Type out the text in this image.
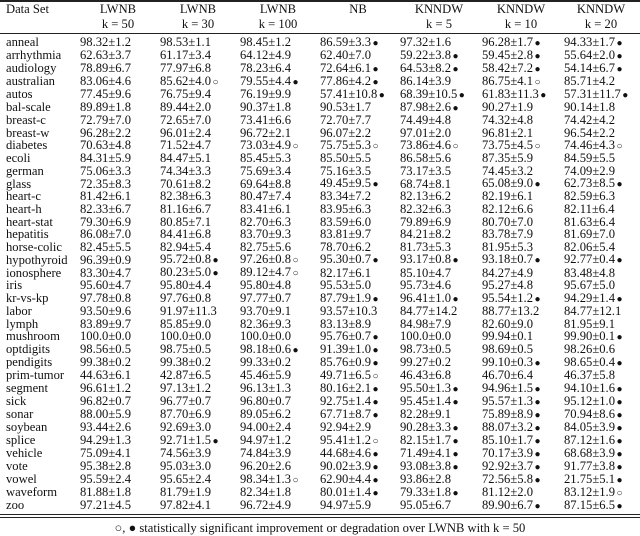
Data Set	LWNB	LWNB	LWNB	NB	KNNDW	KNNDW	KNNDW
	k = 50	k = 30	k = 100		k = 5	k = 10	k = 20
anneal	98.32±1.2	98.53±1.1	98.45±1.2	86.59±3.3●	97.32±1.6	96.28±1.7●	94.33±1.7●
arrhythmia	62.63±3.7	61.17±3.4	64.12±4.9	62.40±7.0	59.22±3.8●	59.45±2.8●	55.64±2.0●
audiology	78.89±6.7	77.97±6.8	78.23±6.4	72.64±6.1●	64.53±8.2●	58.42±7.2●	54.14±6.7●
australian	83.06±4.6	85.62±4.0○	79.55±4.4●	77.86±4.2●	86.14±3.9	86.75±4.1○	85.71±4.2
autos	77.45±9.6	76.75±9.4	76.19±9.9	57.41±10.8●	68.39±10.5●	61.83±11.3●	57.31±11.7●
bal-scale	89.89±1.8	89.44±2.0	90.37±1.8	90.53±1.7	87.98±2.6●	90.27±1.9	90.14±1.8
breast-c	72.79±7.0	72.65±7.0	73.41±6.6	72.70±7.7	74.49±4.8	74.32±4.8	74.42±4.2
breast-w	96.28±2.2	96.01±2.4	96.72±2.1	96.07±2.2	97.01±2.0	96.81±2.1	96.54±2.2
diabetes	70.63±4.8	71.52±4.7	73.03±4.9○	75.75±5.3○	73.86±4.6○	73.75±4.5○	74.46±4.3○
ecoli	84.31±5.9	84.47±5.1	85.45±5.3	85.50±5.5	86.58±5.6	87.35±5.9	84.59±5.5
german	75.06±3.3	74.34±3.3	75.69±3.4	75.16±3.5	73.17±3.5	74.45±3.2	74.09±2.9
glass	72.35±8.3	70.61±8.2	69.64±8.8	49.45±9.5●	68.74±8.1	65.08±9.0●	62.73±8.5●
heart-c	81.42±6.1	82.38±6.3	80.47±7.4	83.34±7.2	82.13±6.2	82.19±6.1	82.59±6.3
heart-h	82.33±6.7	81.16±6.7	83.41±6.1	83.95±6.3	82.32±6.3	82.12±6.6	82.11±6.4
heart-stat	79.30±6.9	80.85±7.1	82.70±6.3	83.59±6.0	79.89±6.9	80.70±7.0	81.63±6.4
hepatitis	86.08±7.0	84.41±6.8	83.70±9.3	83.81±9.7	84.21±8.2	83.78±7.9	81.69±7.0
horse-colic	82.45±5.5	82.94±5.4	82.75±5.6	78.70±6.2	81.73±5.3	81.95±5.3	82.06±5.4
hypothyroid	96.39±0.9	95.72±0.8●	97.26±0.8○	95.30±0.7●	93.17±0.8●	93.18±0.7●	92.77±0.4●
ionosphere	83.30±4.7	80.23±5.0●	89.12±4.7○	82.17±6.1	85.10±4.7	84.27±4.9	83.48±4.8
iris	95.60±4.7	95.80±4.4	95.80±4.8	95.53±5.0	95.73±4.6	95.27±4.8	95.67±5.0
kr-vs-kp	97.78±0.8	97.76±0.8	97.77±0.7	87.79±1.9●	96.41±1.0●	95.54±1.2●	94.29±1.4●
labor	93.50±9.6	91.97±11.3	93.70±9.1	93.57±10.3	84.77±14.2	88.77±13.2	84.77±12.1
lymph	83.89±9.7	85.85±9.0	82.36±9.3	83.13±8.9	84.98±7.9	82.60±9.0	81.95±9.1
mushroom	100.0±0.0	100.0±0.0	100.0±0.0	95.76±0.7●	100.0±0.0	99.94±0.1	99.90±0.1●
optdigits	98.56±0.5	98.75±0.5	98.18±0.6●	91.39±1.0●	98.73±0.5	98.69±0.5	98.26±0.6
pendigits	99.38±0.2	99.38±0.2	99.33±0.2	85.76±0.9●	99.27±0.2	99.10±0.3●	98.65±0.4●
prim-tumor	44.63±6.1	42.87±6.5	45.46±5.9	49.71±6.5○	46.43±6.8	46.70±6.4	46.37±5.8
segment	96.61±1.2	97.13±1.2	96.13±1.3	80.16±2.1●	95.50±1.3●	94.96±1.5●	94.10±1.6●
sick	96.82±0.7	96.77±0.7	96.80±0.7	92.75±1.4●	95.45±1.4●	95.57±1.3●	95.12±1.0●
sonar	88.00±5.9	87.70±6.9	89.05±6.2	67.71±8.7●	82.28±9.1	75.89±8.9●	70.94±8.6●
soybean	93.44±2.6	92.69±3.0	94.00±2.4	92.94±2.9	90.28±3.3●	88.07±3.2●	84.05±3.9●
splice	94.29±1.3	92.71±1.5●	94.97±1.2	95.41±1.2○	82.15±1.7●	85.10±1.7●	87.12±1.6●
vehicle	75.09±4.1	74.56±3.9	74.84±3.9	44.68±4.6●	71.49±4.1●	70.17±3.9●	68.68±3.9●
vote	95.38±2.8	95.03±3.0	96.20±2.6	90.02±3.9●	93.08±3.8●	92.92±3.7●	91.77±3.8●
vowel	95.59±2.4	95.65±2.4	98.34±1.3○	62.90±4.4●	93.86±2.8	72.56±5.8●	21.75±5.1●
waveform	81.88±1.8	81.79±1.9	82.34±1.8	80.01±1.4●	79.33±1.8●	81.12±2.0	83.12±1.9○
zoo	97.21±4.5	97.82±4.1	96.72±4.9	94.97±5.9	95.05±6.7	89.90±6.7●	87.15±6.5●
○, ● statistically significant improvement or degradation over LWNB with k = 50
